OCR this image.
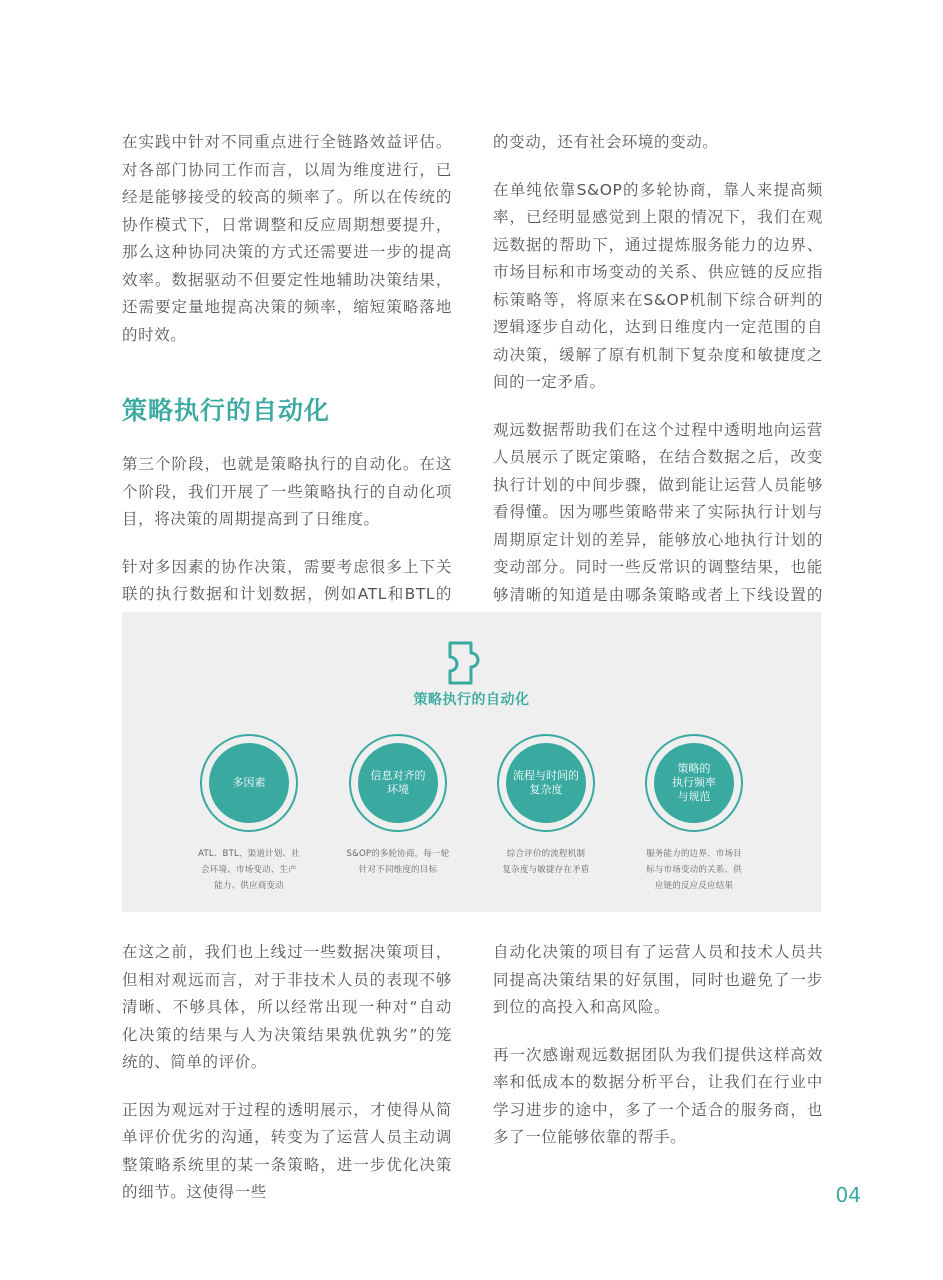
在实践中针对不同重点进行全链路效益评估。对各部门协同工作而言，以周为维度进行，已经是能够接受的较高的频率了。所以在传统的协作模式下，日常调整和反应周期想要提升，那么这种协同决策的方式还需要进一步的提高效率。数据驱动不但要定性地辅助决策结果，还需要定量地提高决策的频率，缩短策略落地的时效。

策略执行的自动化

第三个阶段，也就是策略执行的自动化。在这个阶段，我们开展了一些策略执行的自动化项目，将决策的周期提高到了日维度。

针对多因素的协作决策，需要考虑很多上下关联的执行数据和计划数据，例如ATL和BTL的

的变动，还有社会环境的变动。

在单纯依靠S&OP的多轮协商，靠人来提高频率，已经明显感觉到上限的情况下，我们在观远数据的帮助下，通过提炼服务能力的边界、市场目标和市场变动的关系、供应链的反应指标策略等，将原来在S&OP机制下综合研判的逻辑逐步自动化，达到日维度内一定范围的自动决策，缓解了原有机制下复杂度和敏捷度之间的一定矛盾。

观远数据帮助我们在这个过程中透明地向运营人员展示了既定策略，在结合数据之后，改变执行计划的中间步骤，做到能让运营人员能够看得懂。因为哪些策略带来了实际执行计划与周期原定计划的差异，能够放心地执行计划的变动部分。同时一些反常识的调整结果，也能够清晰的知道是由哪条策略或者上下线设置的

策略执行的自动化
多因素
ATL、BTL、渠道计划、社
会环境、市场变动、生产
能力、供应商变动
信息对齐的
环境
S&OP的多轮协商，每一轮
针对不同维度的目标
流程与时间的
复杂度
综合评价的流程机制
复杂度与敏捷存在矛盾
策略的
执行频率
与规范
服务能力的边界、市场目
标与市场变动的关系、供
应链的反应反应结果

在这之前，我们也上线过一些数据决策项目，但相对观远而言，对于非技术人员的表现不够清晰、不够具体，所以经常出现一种对“自动化决策的结果与人为决策结果孰优孰劣”的笼统的、简单的评价。

正因为观远对于过程的透明展示，才使得从简单评价优劣的沟通，转变为了运营人员主动调整策略系统里的某一条策略，进一步优化决策的细节。这使得一些

自动化决策的项目有了运营人员和技术人员共同提高决策结果的好氛围，同时也避免了一步到位的高投入和高风险。

再一次感谢观远数据团队为我们提供这样高效率和低成本的数据分析平台，让我们在行业中学习进步的途中，多了一个适合的服务商，也多了一位能够依靠的帮手。

04
